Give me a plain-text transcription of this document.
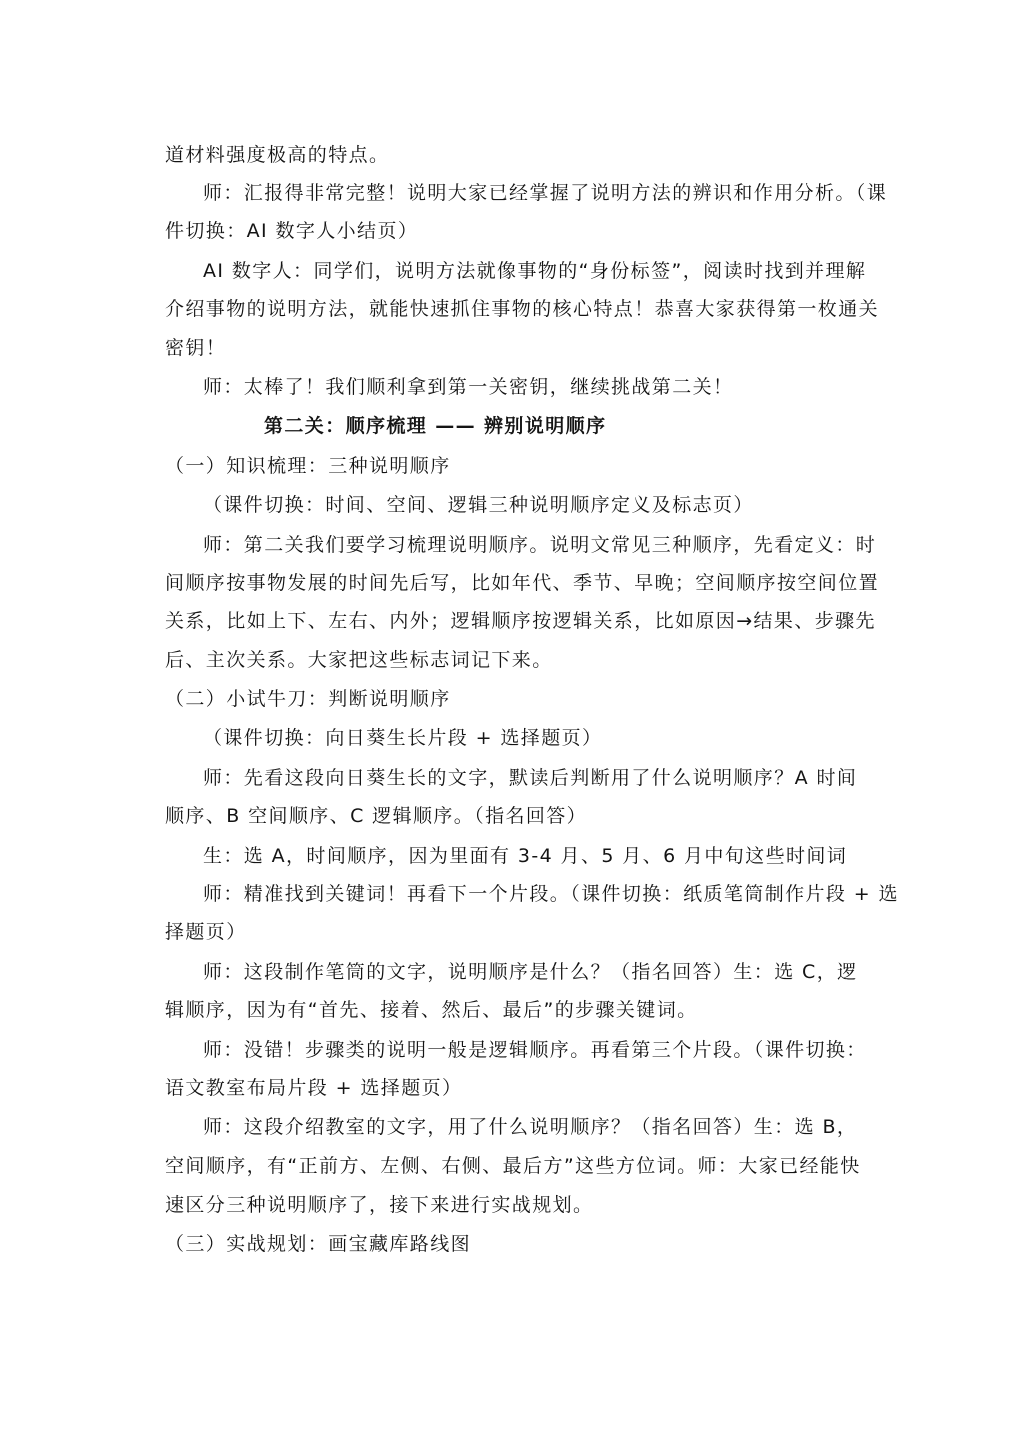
道材料强度极高的特点。
师：汇报得非常完整！说明大家已经掌握了说明方法的辨识和作用分析。（课
件切换：AI 数字人小结页）
AI 数字人：同学们，说明方法就像事物的“身份标签”，阅读时找到并理解
介绍事物的说明方法，就能快速抓住事物的核心特点！恭喜大家获得第一枚通关
密钥！
师：太棒了！我们顺利拿到第一关密钥，继续挑战第二关！
第二关：顺序梳理 —— 辨别说明顺序
（一）知识梳理：三种说明顺序
（课件切换：时间、空间、逻辑三种说明顺序定义及标志页）
师：第二关我们要学习梳理说明顺序。说明文常见三种顺序，先看定义：时
间顺序按事物发展的时间先后写，比如年代、季节、早晚；空间顺序按空间位置
关系，比如上下、左右、内外；逻辑顺序按逻辑关系，比如原因→结果、步骤先
后、主次关系。大家把这些标志词记下来。
（二）小试牛刀：判断说明顺序
（课件切换：向日葵生长片段 + 选择题页）
师：先看这段向日葵生长的文字，默读后判断用了什么说明顺序？A 时间
顺序、B 空间顺序、C 逻辑顺序。（指名回答）
生：选 A，时间顺序，因为里面有 3-4 月、5 月、6 月中旬这些时间词
师：精准找到关键词！再看下一个片段。（课件切换：纸质笔筒制作片段 + 选
择题页）
师：这段制作笔筒的文字，说明顺序是什么？（指名回答）生：选 C，逻
辑顺序，因为有“首先、接着、然后、最后”的步骤关键词。
师：没错！步骤类的说明一般是逻辑顺序。再看第三个片段。（课件切换：
语文教室布局片段 + 选择题页）
师：这段介绍教室的文字，用了什么说明顺序？（指名回答）生：选 B，
空间顺序，有“正前方、左侧、右侧、最后方”这些方位词。师：大家已经能快
速区分三种说明顺序了，接下来进行实战规划。
（三）实战规划：画宝藏库路线图
